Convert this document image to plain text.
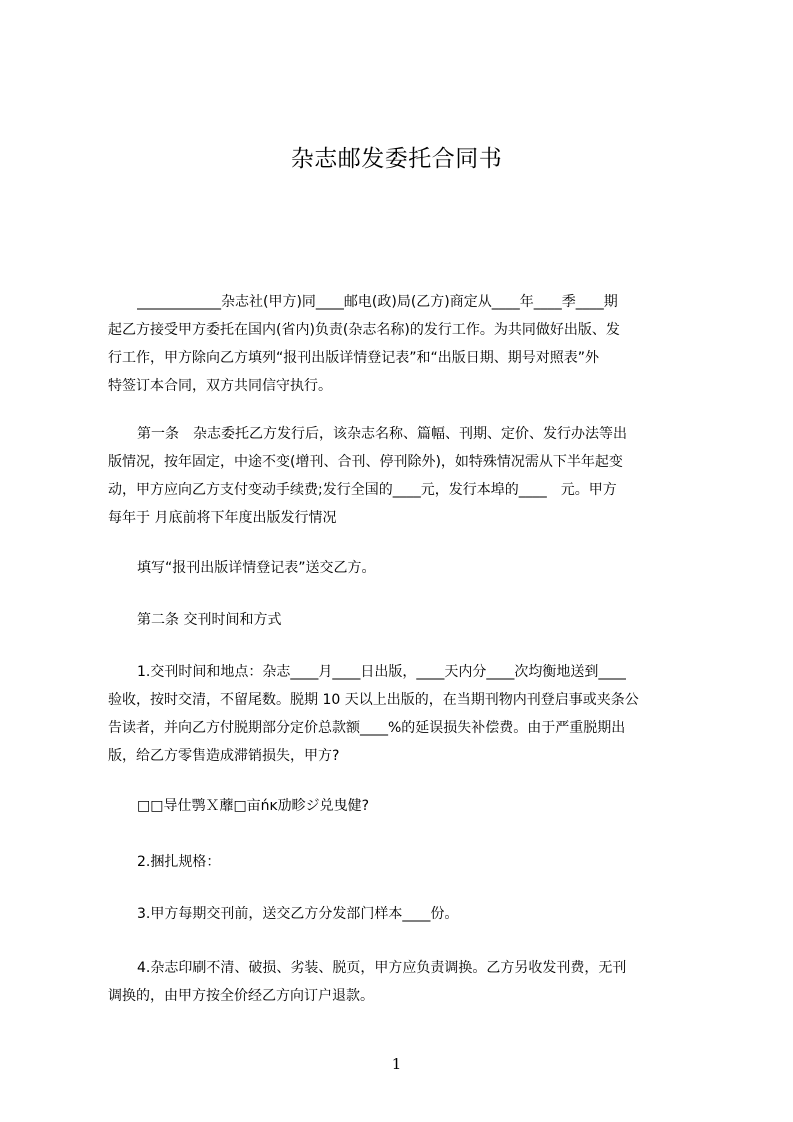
杂志邮发委托合同书
____________杂志社(甲方)同____邮电(政)局(乙方)商定从____年____季____期
起乙方接受甲方委托在国内(省内)负责(杂志名称)的发行工作。为共同做好出版、发
行工作，甲方除向乙方填列“报刊出版详情登记表”和“出版日期、期号对照表”外
特签订本合同，双方共同信守执行。
第一条　杂志委托乙方发行后，该杂志名称、篇幅、刊期、定价、发行办法等出
版情况，按年固定，中途不变(增刊、合刊、停刊除外)，如特殊情况需从下半年起变
动，甲方应向乙方支付变动手续费;发行全国的____元，发行本埠的____　元。甲方
每年于 月底前将下年度出版发行情况
填写“报刊出版详情登记表”送交乙方。
第二条 交刊时间和方式
1.交刊时间和地点：杂志____月____日出版，____天内分____次均衡地送到____
验收，按时交清，不留尾数。脱期 10 天以上出版的，在当期刊物内刊登启事或夹条公
告读者，并向乙方付脱期部分定价总款额____%的延误损失补偿费。由于严重脱期出
版，给乙方零售造成滞销损失，甲方?
□□导仕鹗Ｘ蘼□亩ńĸ劢畛ジ兑曳健?
2.捆扎规格：
3.甲方每期交刊前，送交乙方分发部门样本____份。
4.杂志印刷不清、破损、劣装、脱页，甲方应负责调换。乙方另收发刊费，无刊
调换的，由甲方按全价经乙方向订户退款。
1
